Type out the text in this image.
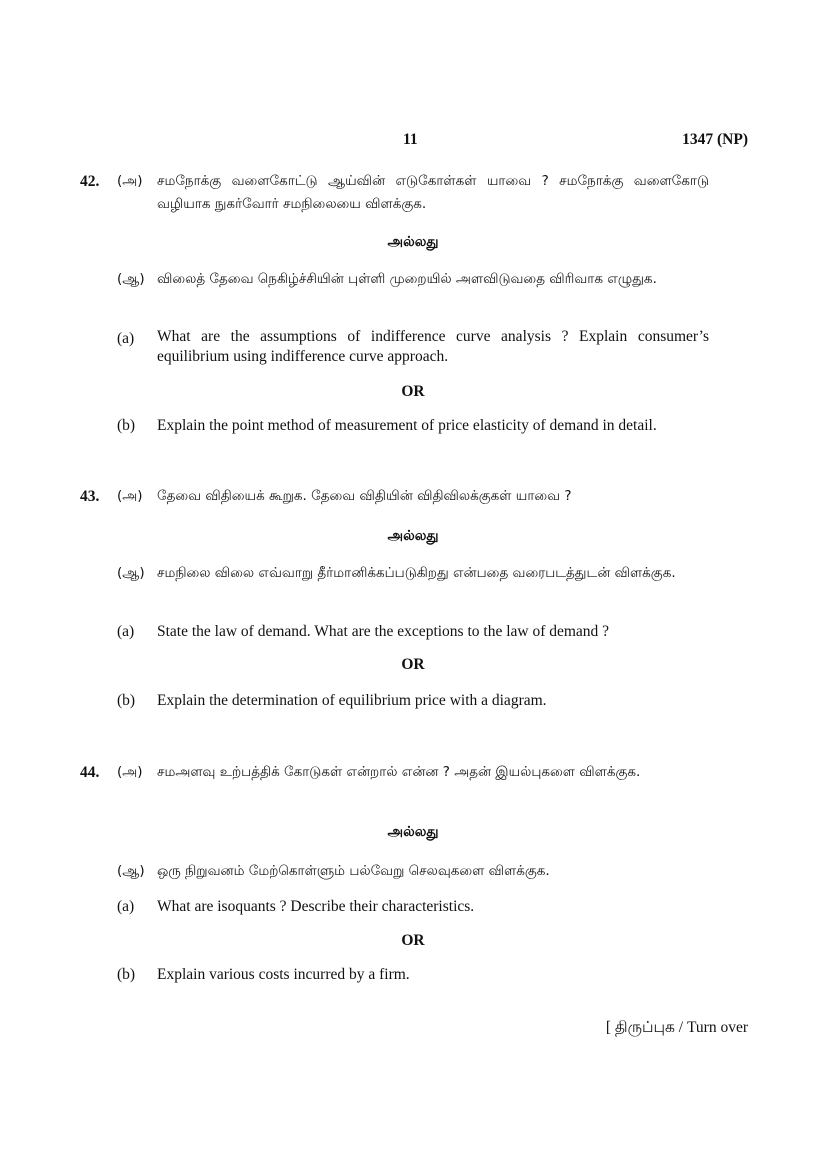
11	1347 (NP)
42. (அ) சமநோக்கு வளைகோட்டு ஆய்வின் எடுகோள்கள் யாவை ? சமநோக்கு வளைகோடு வழியாக நுகர்வோர் சமநிலையை விளக்குக.
அல்லது
(ஆ) விலைத் தேவை நெகிழ்ச்சியின் புள்ளி முறையில் அளவிடுவதை விரிவாக எழுதுக.
(a) What are the assumptions of indifference curve analysis ? Explain consumer’s equilibrium using indifference curve approach.
OR
(b) Explain the point method of measurement of price elasticity of demand in detail.
43. (அ) தேவை விதியைக் கூறுக. தேவை விதியின் விதிவிலக்குகள் யாவை ?
அல்லது
(ஆ) சமநிலை விலை எவ்வாறு தீர்மானிக்கப்படுகிறது என்பதை வரைபடத்துடன் விளக்குக.
(a) State the law of demand. What are the exceptions to the law of demand ?
OR
(b) Explain the determination of equilibrium price with a diagram.
44. (அ) சமஅளவு உற்பத்திக் கோடுகள் என்றால் என்ன ? அதன் இயல்புகளை விளக்குக.
அல்லது
(ஆ) ஒரு நிறுவனம் மேற்கொள்ளும் பல்வேறு செலவுகளை விளக்குக.
(a) What are isoquants ? Describe their characteristics.
OR
(b) Explain various costs incurred by a firm.
[ திருப்புக / Turn over
